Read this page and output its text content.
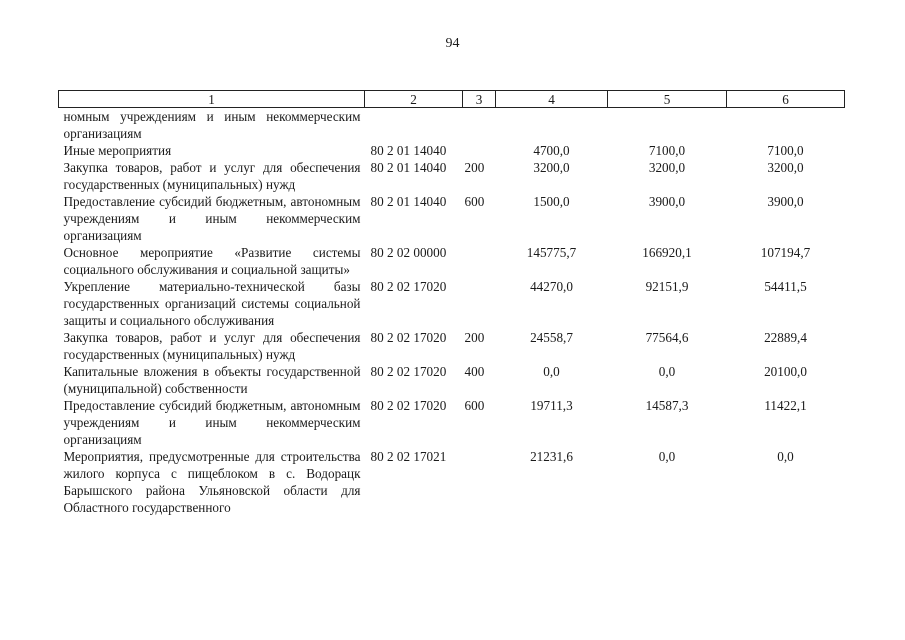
94
1	2	3	4	5	6
номным учреждениям и иным некоммерческим организациям					
Иные мероприятия	80 2 01 14040		4700,0	7100,0	7100,0
Закупка товаров, работ и услуг для обеспечения государственных (муниципальных) нужд	80 2 01 14040	200	3200,0	3200,0	3200,0
Предоставление субсидий бюджетным, автономным учреждениям и иным некоммерческим организациям	80 2 01 14040	600	1500,0	3900,0	3900,0
Основное мероприятие «Развитие системы социального обслуживания и социальной защиты»	80 2 02 00000		145775,7	166920,1	107194,7
Укрепление материально-технической базы государственных организаций системы социальной защиты и социального обслуживания	80 2 02 17020		44270,0	92151,9	54411,5
Закупка товаров, работ и услуг для обеспечения государственных (муниципальных) нужд	80 2 02 17020	200	24558,7	77564,6	22889,4
Капитальные вложения в объекты государственной (муниципальной) собственности	80 2 02 17020	400	0,0	0,0	20100,0
Предоставление субсидий бюджетным, автономным учреждениям и иным некоммерческим организациям	80 2 02 17020	600	19711,3	14587,3	11422,1
Мероприятия, предусмотренные для строительства жилого корпуса с пищеблоком в с. Водорацк Барышского района Ульяновской области для Областного государственного	80 2 02 17021		21231,6	0,0	0,0
